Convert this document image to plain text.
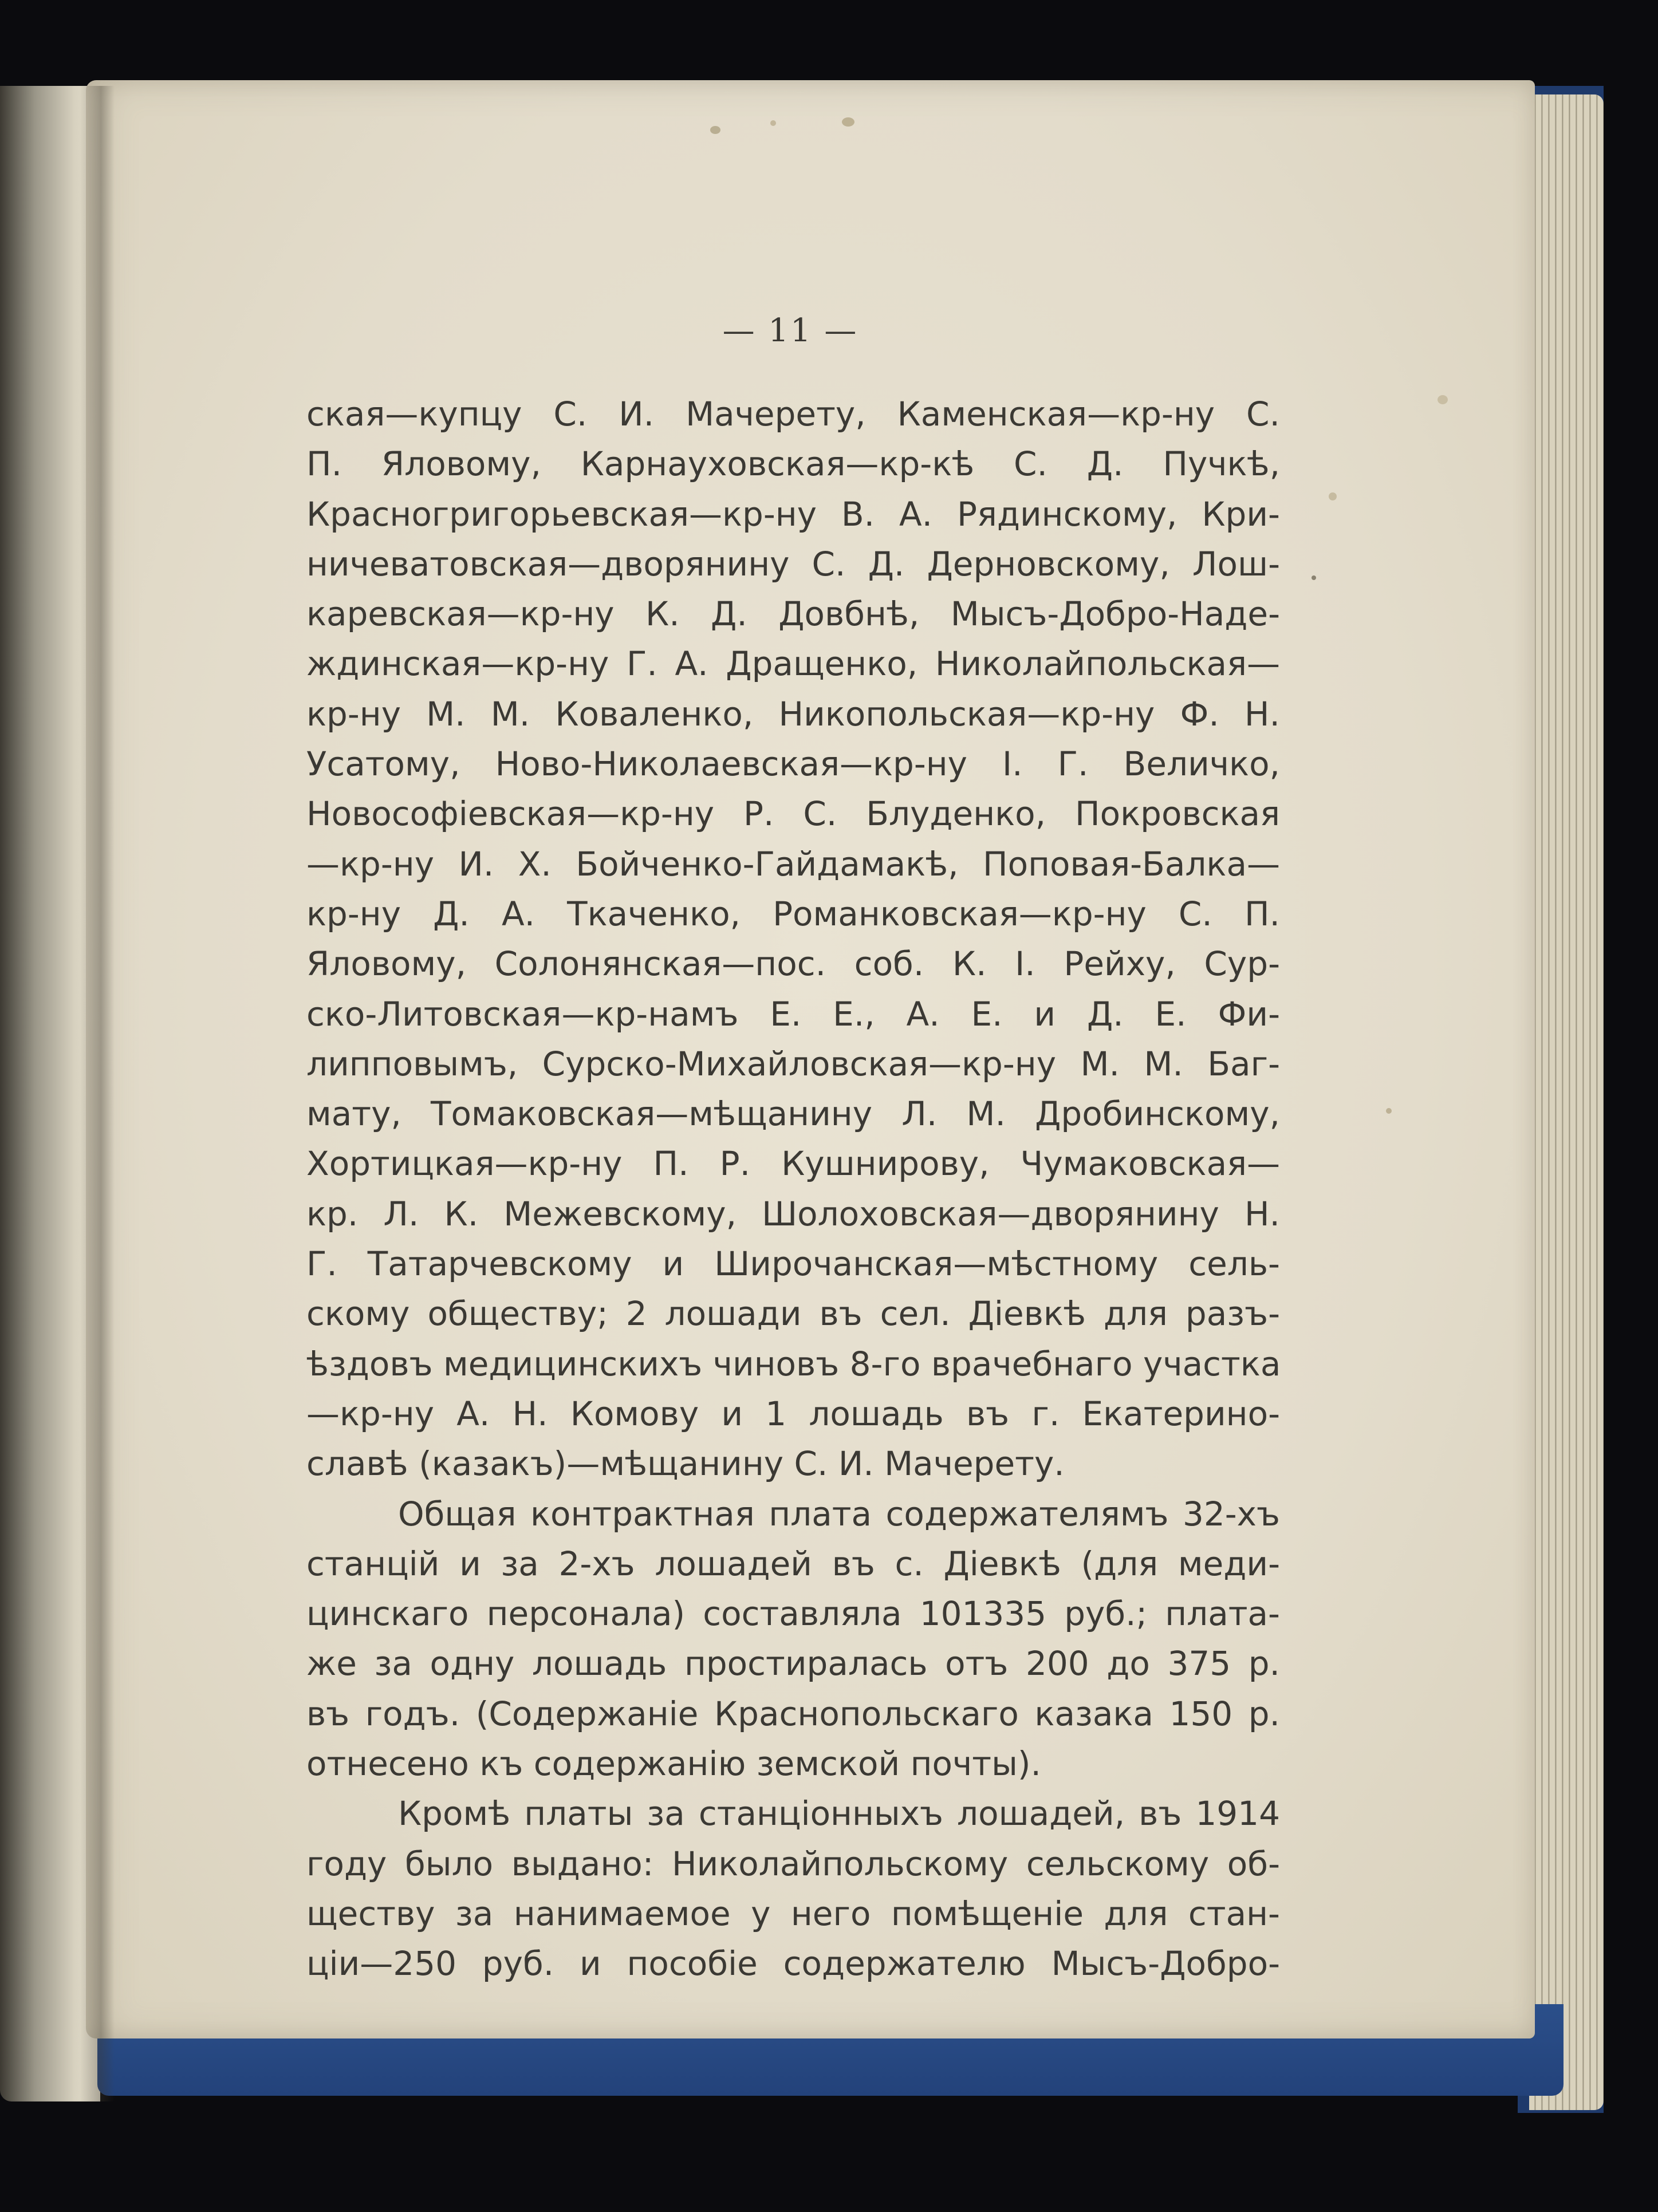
— 11 —
ская—купцу С. И. Мачерету, Каменская—кр-ну С.
П. Яловому, Карнауховская—кр-кѣ С. Д. Пучкѣ,
Красногригорьевская—кр-ну В. А. Рядинскому, Кри-
ничеватовская—дворянину С. Д. Дерновскому, Лош-
каревская—кр-ну К. Д. Довбнѣ, Мысъ-Добро-Наде-
ждинская—кр-ну Г. А. Дращенко, Николайпольская—
кр-ну М. М. Коваленко, Никопольская—кр-ну Ф. Н.
Усатому, Ново-Николаевская—кр-ну І. Г. Величко,
Новософіевская—кр-ну Р. С. Блуденко, Покровская
—кр-ну И. Х. Бойченко-Гайдамакѣ, Поповая-Балка—
кр-ну Д. А. Ткаченко, Романковская—кр-ну С. П.
Яловому, Солонянская—пос. соб. К. І. Рейху, Сур-
ско-Литовская—кр-намъ Е. Е., А. Е. и Д. Е. Фи-
липповымъ, Сурско-Михайловская—кр-ну М. М. Баг-
мату, Томаковская—мѣщанину Л. М. Дробинскому,
Хортицкая—кр-ну П. Р. Кушнирову, Чумаковская—
кр. Л. К. Межевскому, Шолоховская—дворянину Н.
Г. Татарчевскому и Широчанская—мѣстному сель-
скому обществу; 2 лошади въ сел. Діевкѣ для разъ-
ѣздовъ медицинскихъ чиновъ 8-го врачебнаго участка
—кр-ну А. Н. Комову и 1 лошадь въ г. Екатерино-
славѣ (казакъ)—мѣщанину С. И. Мачерету.
Общая контрактная плата содержателямъ 32-хъ
станцій и за 2-хъ лошадей въ с. Діевкѣ (для меди-
цинскаго персонала) составляла 101335 руб.; плата-
же за одну лошадь простиралась отъ 200 до 375 р.
въ годъ. (Содержаніе Краснопольскаго казака 150 р.
отнесено къ содержанію земской почты).
Кромѣ платы за станціонныхъ лошадей, въ 1914
году было выдано: Николайпольскому сельскому об-
ществу за нанимаемое у него помѣщеніе для стан-
ціи—250 руб. и пособіе содержателю Мысъ-Добро-
